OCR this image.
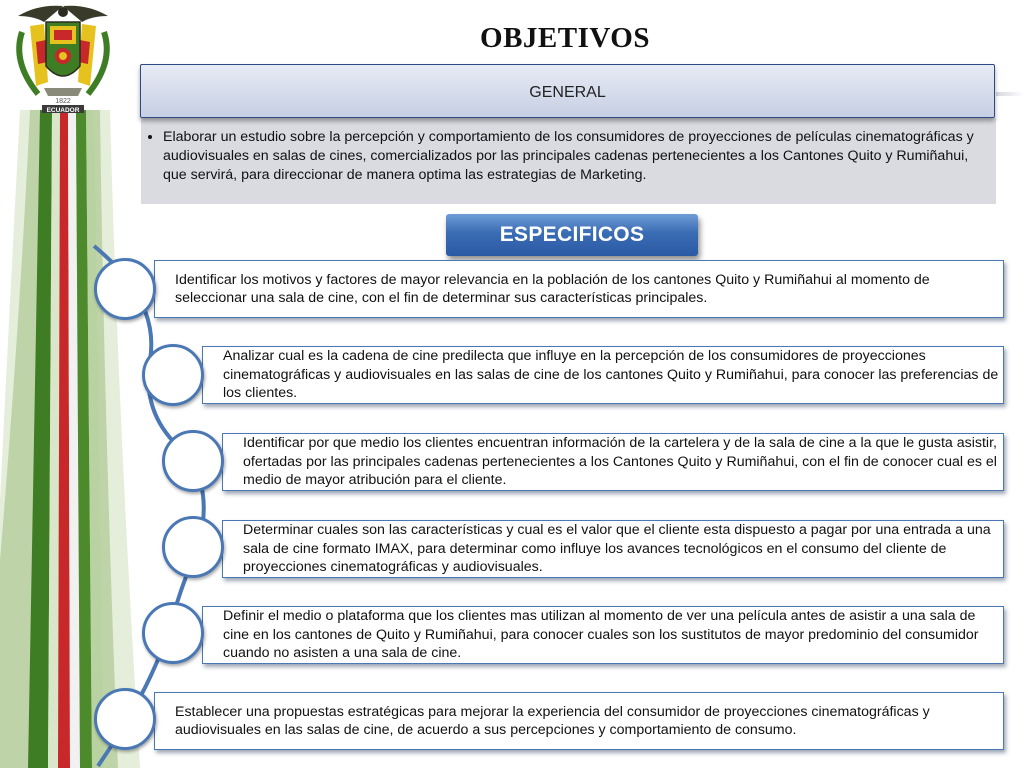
1822
ECUADOR
OBJETIVOS
GENERAL
• Elaborar un estudio sobre la percepción y comportamiento de los consumidores de proyecciones de películas cinematográficas y audiovisuales en salas de cines, comercializados por las principales cadenas pertenecientes a los Cantones Quito y Rumiñahui, que servirá, para direccionar de manera optima las estrategias de Marketing.
ESPECIFICOS
Identificar los motivos y factores de mayor relevancia en la población de los cantones Quito y Rumiñahui al momento de seleccionar una sala de cine, con el fin de determinar sus características principales.
Analizar cual es la cadena de cine predilecta que influye en la percepción de los consumidores de proyecciones cinematográficas y audiovisuales en las salas de cine de los cantones Quito y Rumiñahui, para conocer las preferencias de los clientes.
Identificar por que medio los clientes encuentran información de la cartelera y de la sala de cine a la que le gusta asistir, ofertadas por las principales cadenas pertenecientes a los Cantones Quito y Rumiñahui, con el fin de conocer cual es el medio de mayor atribución para el cliente.
Determinar cuales son las características y cual es el valor que el cliente esta dispuesto a pagar por una entrada a una sala de cine formato IMAX, para determinar como influye los avances tecnológicos en el consumo del cliente de proyecciones cinematográficas y audiovisuales.
Definir el medio o plataforma que los clientes mas utilizan al momento de ver una película antes de asistir a una sala de cine en los cantones de Quito y Rumiñahui, para conocer cuales son los sustitutos de mayor predominio del consumidor cuando no asisten a una sala de cine.
Establecer una propuestas estratégicas para mejorar la experiencia del consumidor de proyecciones cinematográficas y audiovisuales en las salas de cine, de acuerdo a sus percepciones y comportamiento de consumo.
